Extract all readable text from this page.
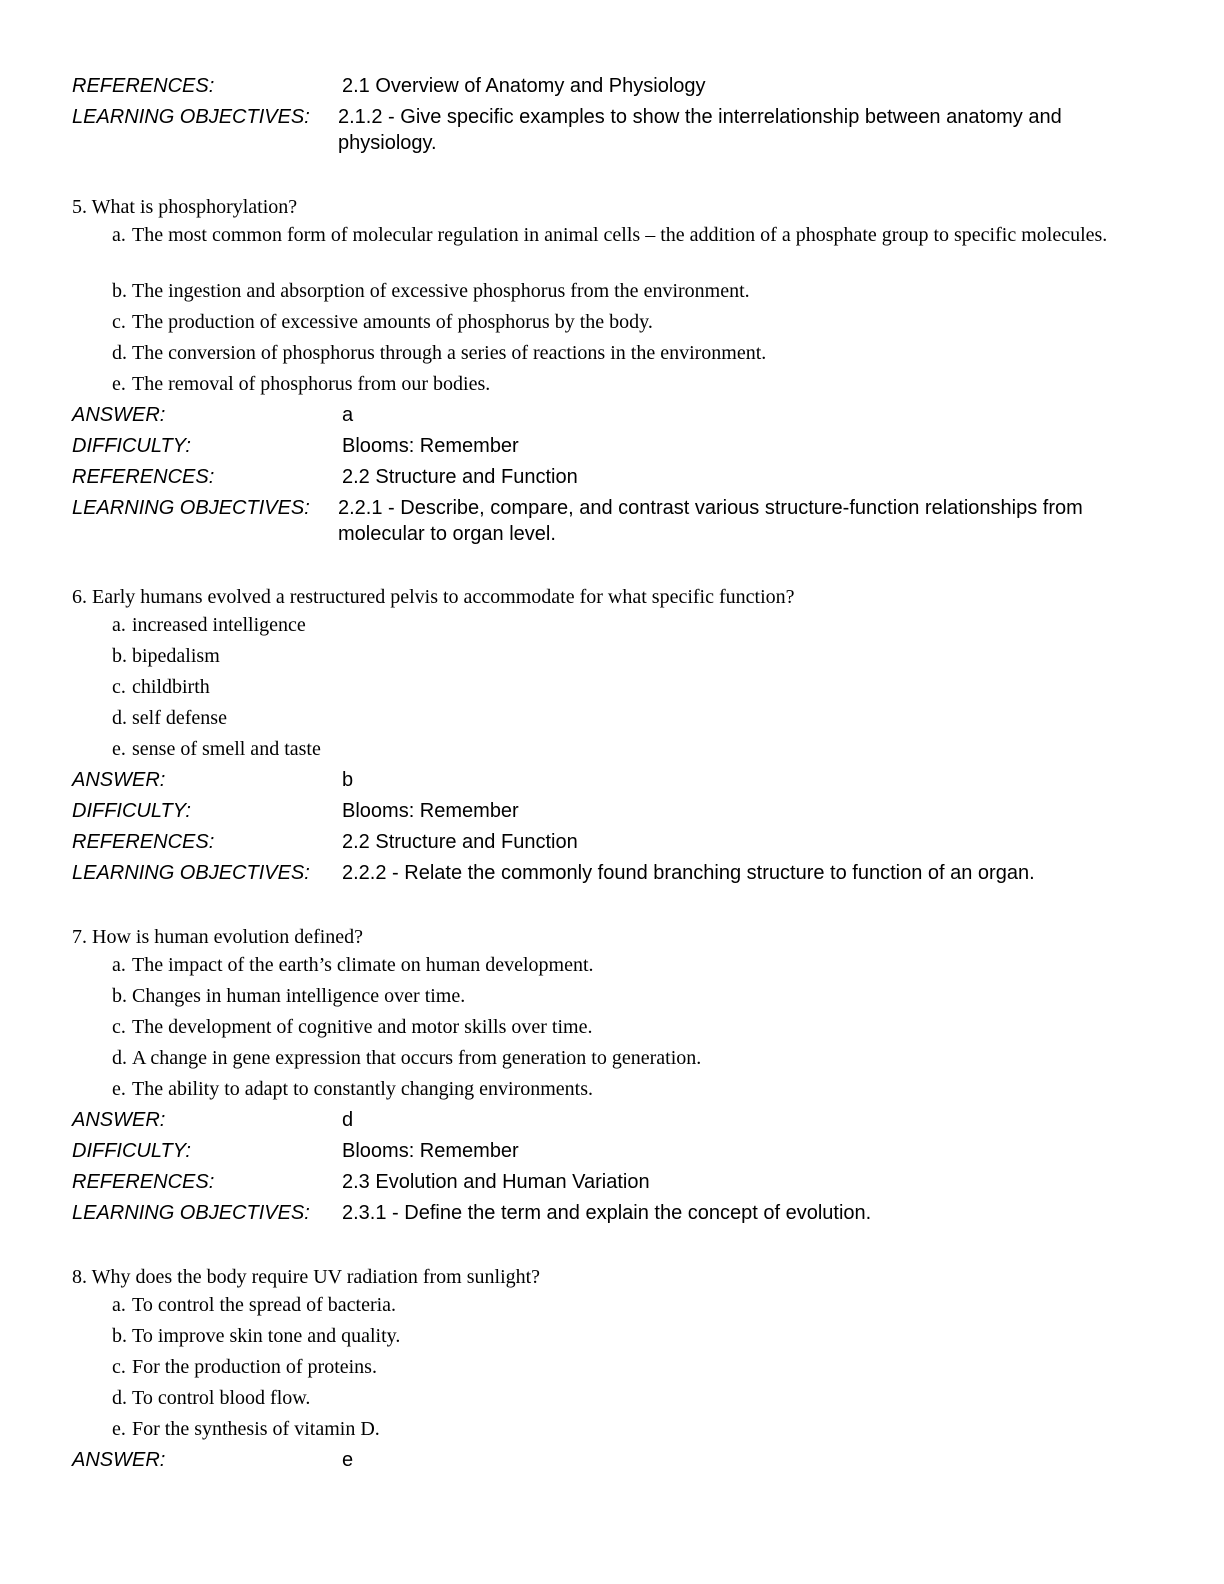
REFERENCES:	2.1 Overview of Anatomy and Physiology
LEARNING OBJECTIVES:	2.1.2 - Give specific examples to show the interrelationship between anatomy and physiology.
5. What is phosphorylation?
a. The most common form of molecular regulation in animal cells – the addition of a phosphate group to specific molecules.
b. The ingestion and absorption of excessive phosphorus from the environment.
c. The production of excessive amounts of phosphorus by the body.
d. The conversion of phosphorus through a series of reactions in the environment.
e. The removal of phosphorus from our bodies.
ANSWER:	a
DIFFICULTY:	Blooms: Remember
REFERENCES:	2.2 Structure and Function
LEARNING OBJECTIVES:	2.2.1 - Describe, compare, and contrast various structure-function relationships from molecular to organ level.
6. Early humans evolved a restructured pelvis to accommodate for what specific function?
a. increased intelligence
b. bipedalism
c. childbirth
d. self defense
e. sense of smell and taste
ANSWER:	b
DIFFICULTY:	Blooms: Remember
REFERENCES:	2.2 Structure and Function
LEARNING OBJECTIVES:	2.2.2 - Relate the commonly found branching structure to function of an organ.
7. How is human evolution defined?
a. The impact of the earth’s climate on human development.
b. Changes in human intelligence over time.
c. The development of cognitive and motor skills over time.
d. A change in gene expression that occurs from generation to generation.
e. The ability to adapt to constantly changing environments.
ANSWER:	d
DIFFICULTY:	Blooms: Remember
REFERENCES:	2.3 Evolution and Human Variation
LEARNING OBJECTIVES:	2.3.1 - Define the term and explain the concept of evolution.
8. Why does the body require UV radiation from sunlight?
a. To control the spread of bacteria.
b. To improve skin tone and quality.
c. For the production of proteins.
d. To control blood flow.
e. For the synthesis of vitamin D.
ANSWER:	e
